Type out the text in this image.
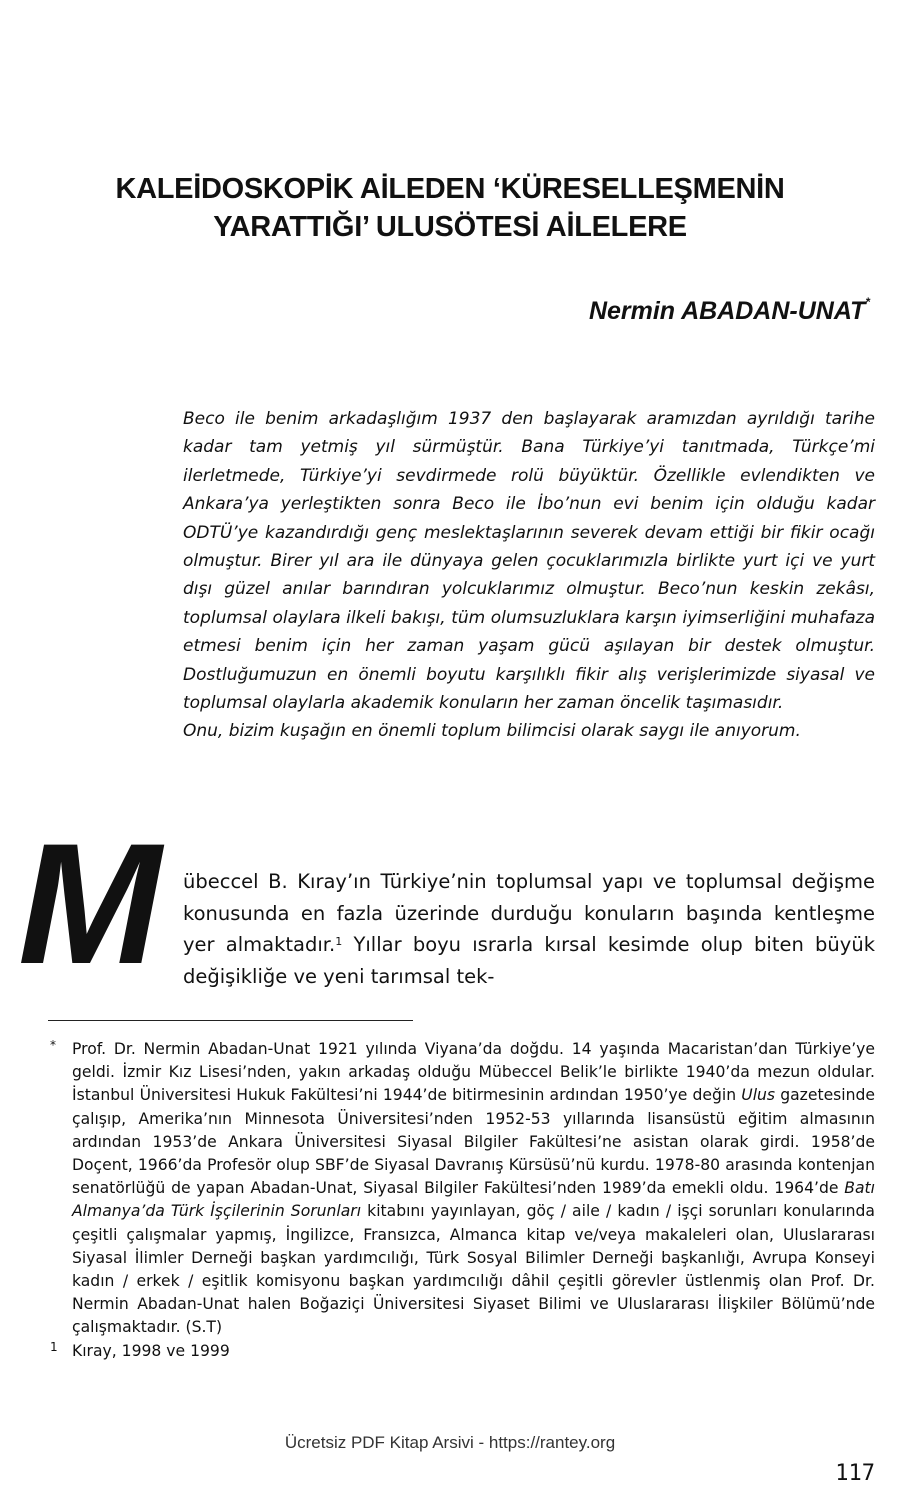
KALEİDOSKOPİK AİLEDEN ‘KÜRESELLEŞMENİN
YARATTIĞI’ ULUSÖTESİ AİLELERE
Nermin ABADAN-UNAT*

Beco ile benim arkadaşlığım 1937 den başlayarak aramızdan ayrıldığı tarihe kadar tam yetmiş yıl sürmüştür. Bana Türkiye’yi tanıtmada, Türkçe’mi ilerletmede, Türkiye’yi sevdirmede rolü büyüktür. Özellikle evlendikten ve Ankara’ya yerleştikten sonra Beco ile İbo’nun evi benim için olduğu kadar ODTÜ’ye kazandırdığı genç meslektaşlarının severek devam ettiği bir fikir ocağı olmuştur. Birer yıl ara ile dünyaya gelen çocuklarımızla birlikte yurt içi ve yurt dışı güzel anılar barındıran yolcuklarımız olmuştur. Beco’nun keskin zekâsı, toplumsal olaylara ilkeli bakışı, tüm olumsuzluklara karşın iyimserliğini muhafaza etmesi benim için her zaman yaşam gücü aşılayan bir destek olmuştur. Dostluğumuzun en önemli boyutu karşılıklı fikir alış verişlerimizde siyasal ve toplumsal olaylarla akademik konuların her zaman öncelik taşımasıdır.

Onu, bizim kuşağın en önemli toplum bilimcisi olarak saygı ile anıyorum.

M übeccel B. Kıray’ın Türkiye’nin toplumsal yapı ve toplumsal değişme konusunda en fazla üzerinde durduğu konuların başında kentleşme yer almaktadır.$^1$ Yıllar boyu ısrarla kırsal kesimde olup biten büyük değişikliğe ve yeni tarımsal tek-
* Prof. Dr. Nermin Abadan-Unat 1921 yılında Viyana’da doğdu. 14 yaşında Macaristan’dan Türkiye’ye geldi. İzmir Kız Lisesi’nden, yakın arkadaş olduğu Mübeccel Belik’le birlikte 1940’da mezun oldular. İstanbul Üniversitesi Hukuk Fakültesi’ni 1944’de bitirmesinin ardından 1950’ye değin Ulus gazetesinde çalışıp, Amerika’nın Minnesota Üniversitesi’nden 1952-53 yıllarında lisansüstü eğitim almasının ardından 1953’de Ankara Üniversitesi Siyasal Bilgiler Fakültesi’ne asistan olarak girdi. 1958’de Doçent, 1966’da Profesör olup SBF’de Siyasal Davranış Kürsüsü’nü kurdu. 1978-80 arasında kontenjan senatörlüğü de yapan Abadan-Unat, Siyasal Bilgiler Fakültesi’nden 1989’da emekli oldu. 1964’de Batı Almanya’da Türk İşçilerinin Sorunları kitabını yayınlayan, göç / aile / kadın / işçi sorunları konularında çeşitli çalışmalar yapmış, İngilizce, Fransızca, Almanca kitap ve/veya makaleleri olan, Uluslararası Siyasal İlimler Derneği başkan yardımcılığı, Türk Sosyal Bilimler Derneği başkanlığı, Avrupa Konseyi kadın / erkek / eşitlik komisyonu başkan yardımcılığı dâhil çeşitli görevler üstlenmiş olan Prof. Dr. Nermin Abadan-Unat halen Boğaziçi Üniversitesi Siyaset Bilimi ve Uluslararası İlişkiler Bölümü’nde çalışmaktadır. (S.T)
1 Kıray, 1998 ve 1999
Ücretsiz PDF Kitap Arsivi - https://rantey.org
117
